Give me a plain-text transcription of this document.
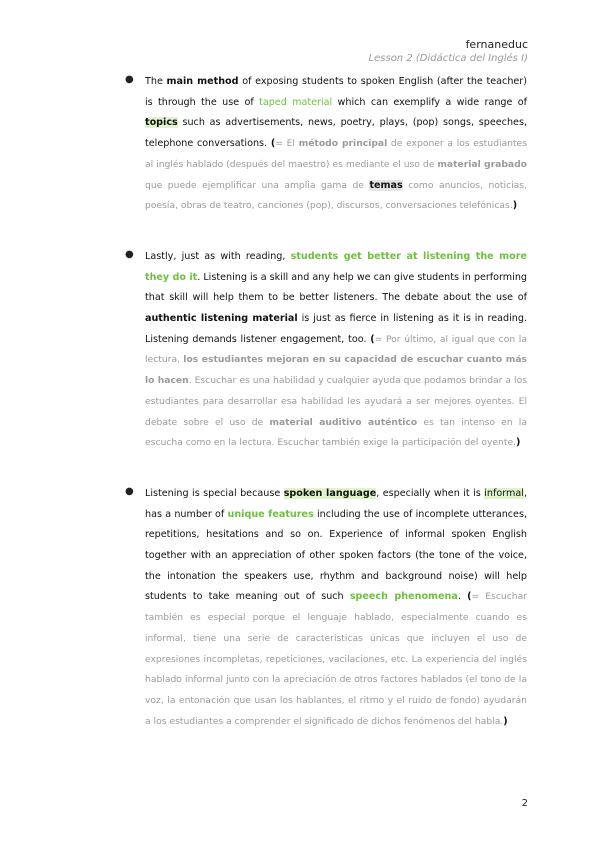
fernaneduc
Lesson 2 (Didáctica del Inglés I)
● The main method of exposing students to spoken English (after the teacher) is through the use of taped material which can exemplify a wide range of topics such as advertisements, news, poetry, plays, (pop) songs, speeches, telephone conversations. (= El método principal de exponer a los estudiantes al inglés hablado (después del maestro) es mediante el uso de material grabado que puede ejemplificar una amplia gama de temas como anuncios, noticias, poesía, obras de teatro, canciones (pop), discursos, conversaciones telefónicas.)
● Lastly, just as with reading, students get better at listening the more they do it. Listening is a skill and any help we can give students in performing that skill will help them to be better listeners. The debate about the use of authentic listening material is just as fierce in listening as it is in reading. Listening demands listener engagement, too. (= Por último, al igual que con la lectura, los estudiantes mejoran en su capacidad de escuchar cuanto más lo hacen. Escuchar es una habilidad y cualquier ayuda que podamos brindar a los estudiantes para desarrollar esa habilidad les ayudará a ser mejores oyentes. El debate sobre el uso de material auditivo auténtico es tan intenso en la escucha como en la lectura. Escuchar también exige la participación del oyente.)
● Listening is special because spoken language, especially when it is informal, has a number of unique features including the use of incomplete utterances, repetitions, hesitations and so on. Experience of informal spoken English together with an appreciation of other spoken factors (the tone of the voice, the intonation the speakers use, rhythm and background noise) will help students to take meaning out of such speech phenomena. (= Escuchar también es especial porque el lenguaje hablado, especialmente cuando es informal, tiene una serie de características únicas que incluyen el uso de expresiones incompletas, repeticiones, vacilaciones, etc. La experiencia del inglés hablado informal junto con la apreciación de otros factores hablados (el tono de la voz, la entonación que usan los hablantes, el ritmo y el ruido de fondo) ayudarán a los estudiantes a comprender el significado de dichos fenómenos del habla.)
2
